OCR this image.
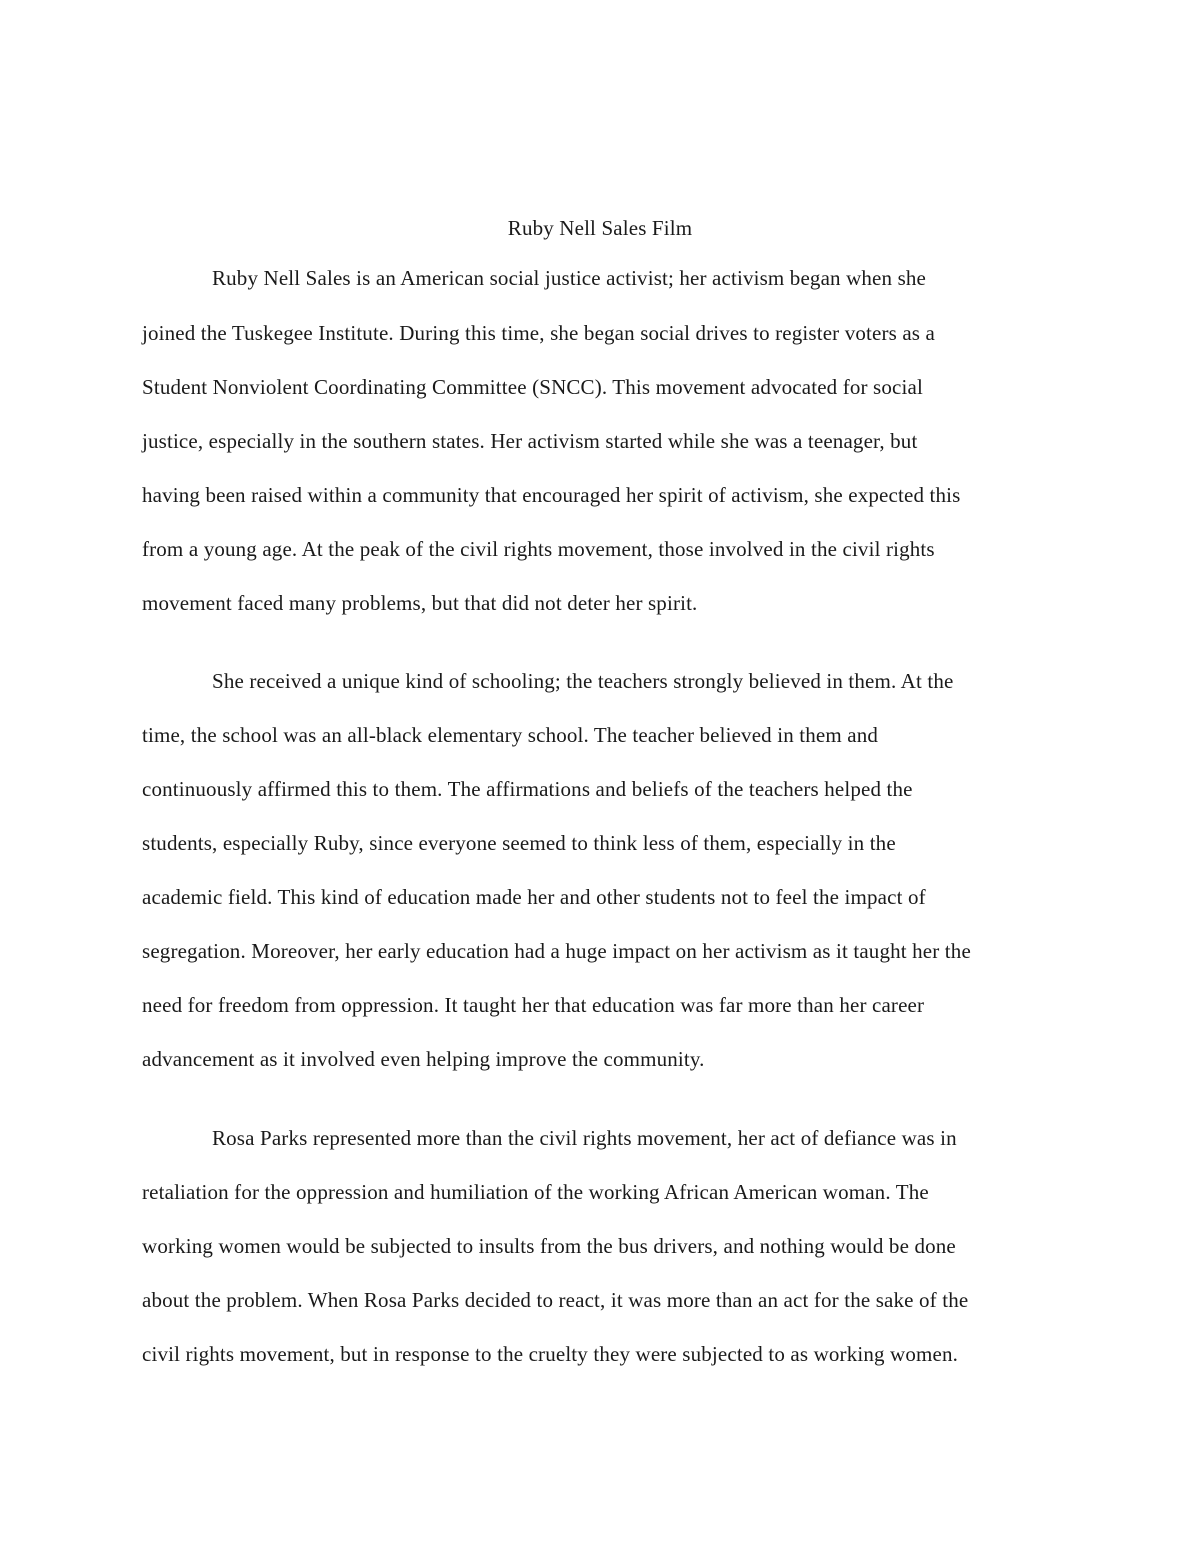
Ruby Nell Sales Film

Ruby Nell Sales is an American social justice activist; her activism began when she

joined the Tuskegee Institute. During this time, she began social drives to register voters as a

Student Nonviolent Coordinating Committee (SNCC). This movement advocated for social

justice, especially in the southern states. Her activism started while she was a teenager, but

having been raised within a community that encouraged her spirit of activism, she expected this

from a young age. At the peak of the civil rights movement, those involved in the civil rights

movement faced many problems, but that did not deter her spirit.

She received a unique kind of schooling; the teachers strongly believed in them. At the

time, the school was an all-black elementary school. The teacher believed in them and

continuously affirmed this to them. The affirmations and beliefs of the teachers helped the

students, especially Ruby, since everyone seemed to think less of them, especially in the

academic field. This kind of education made her and other students not to feel the impact of

segregation. Moreover, her early education had a huge impact on her activism as it taught her the

need for freedom from oppression. It taught her that education was far more than her career

advancement as it involved even helping improve the community.

Rosa Parks represented more than the civil rights movement, her act of defiance was in

retaliation for the oppression and humiliation of the working African American woman. The

working women would be subjected to insults from the bus drivers, and nothing would be done

about the problem. When Rosa Parks decided to react, it was more than an act for the sake of the

civil rights movement, but in response to the cruelty they were subjected to as working women.
